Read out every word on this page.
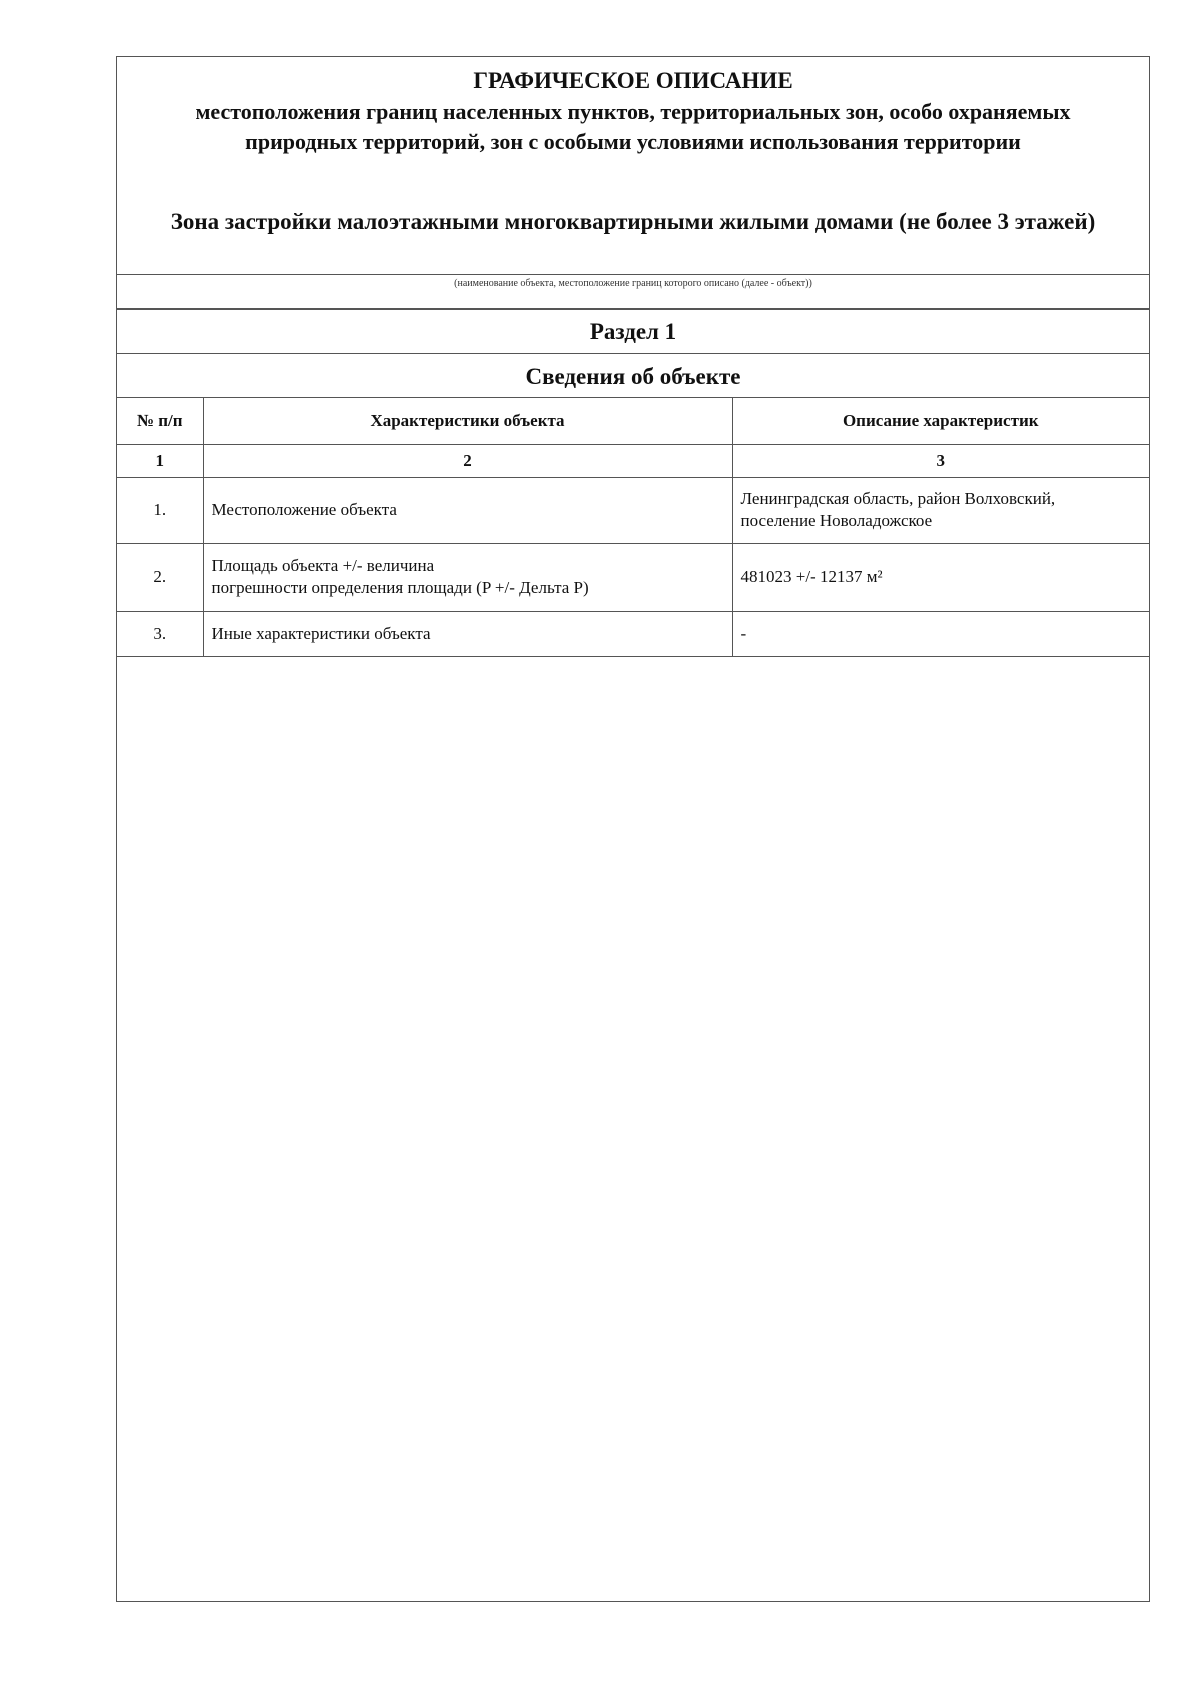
ГРАФИЧЕСКОЕ ОПИСАНИЕ
местоположения границ населенных пунктов, территориальных зон, особо охраняемых природных территорий, зон с особыми условиями использования территории
Зона застройки малоэтажными многоквартирными жилыми домами (не более 3 этажей)
(наименование объекта, местоположение границ которого описано (далее - объект))
Раздел 1
Сведения об объекте
№ п/п	Характеристики объекта	Описание характеристик
1	2	3
1.	Местоположение объекта	Ленинградская область, район Волховский,
поселение Новоладожское
2.	Площадь объекта +/- величина
погрешности определения площади (P +/- Дельта P)	481023 +/- 12137 м²
3.	Иные характеристики объекта	-
